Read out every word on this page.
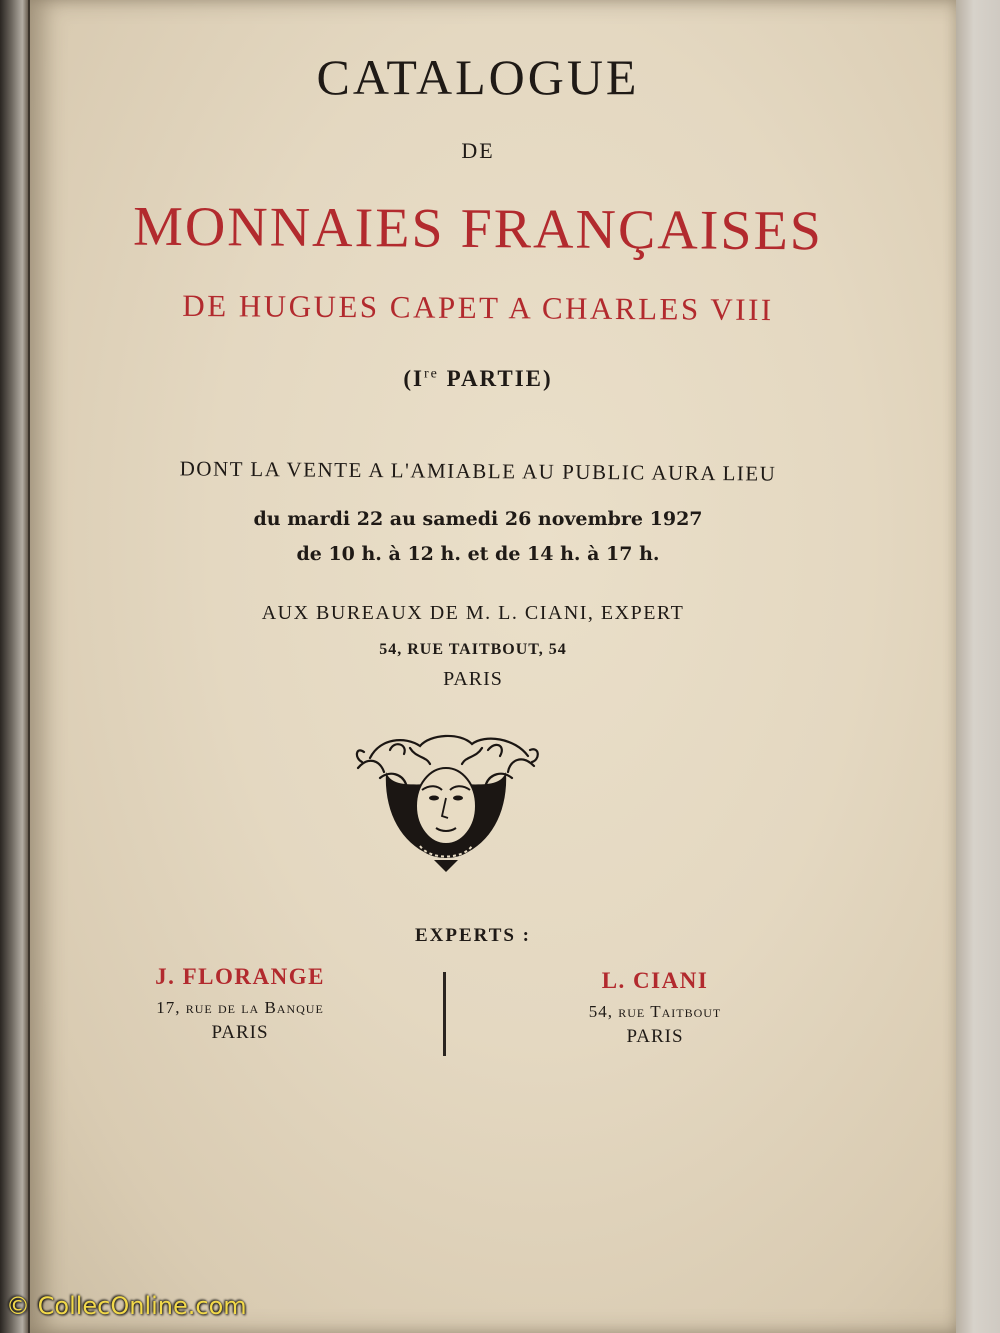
CATALOGUE
DE
MONNAIES FRANÇAISES
DE HUGUES CAPET A CHARLES VIII
(Ire PARTIE)
DONT LA VENTE A L'AMIABLE AU PUBLIC AURA LIEU
du mardi 22 au samedi 26 novembre 1927
de 10 h. à 12 h. et de 14 h. à 17 h.
AUX BUREAUX DE M. L. CIANI, EXPERT
54, RUE TAITBOUT, 54
PARIS
EXPERTS :
J. FLORANGE
17, rue de la Banque
PARIS
L. CIANI
54, rue Taitbout
PARIS
© CollecOnline.com
